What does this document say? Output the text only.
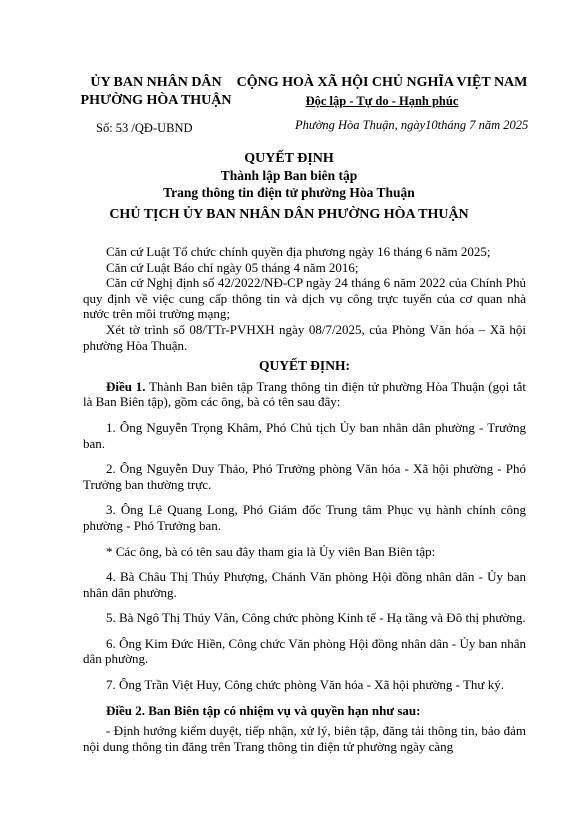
ỦY BAN NHÂN DÂN
PHƯỜNG HÒA THUẬN
CỘNG HOÀ XÃ HỘI CHỦ NGHĨA VIỆT NAM
Độc lập - Tự do - Hạnh phúc
Số: 53 /QĐ-UBND	Phường Hòa Thuận, ngày10tháng 7 năm 2025
QUYẾT ĐỊNH
Thành lập Ban biên tập
Trang thông tin điện tử phường Hòa Thuận
CHỦ TỊCH ỦY BAN NHÂN DÂN PHƯỜNG HÒA THUẬN

Căn cứ Luật Tổ chức chính quyền địa phương ngày 16 tháng 6 năm 2025;

Căn cứ Luật Báo chí ngày 05 tháng 4 năm 2016;

Căn cứ Nghị định số 42/2022/NĐ-CP ngày 24 tháng 6 năm 2022 của Chính Phủ quy định về việc cung cấp thông tin và dịch vụ công trực tuyến của cơ quan nhà nước trên môi trường mạng;

Xét tờ trình số 08/TTr-PVHXH ngày 08/7/2025, của Phòng Văn hóa – Xã hội phường Hòa Thuận.

QUYẾT ĐỊNH:

Điều 1. Thành Ban biên tập Trang thông tin điện tử phường Hòa Thuận (gọi tắt là Ban Biên tập), gồm các ông, bà có tên sau đây:

1. Ông Nguyễn Trọng Khâm, Phó Chủ tịch Ủy ban nhân dân phường - Trưởng ban.

2. Ông Nguyễn Duy Thảo, Phó Trưởng phòng Văn hóa - Xã hội phường - Phó Trưởng ban thường trực.

3. Ông Lê Quang Long, Phó Giám đốc Trung tâm Phục vụ hành chính công phường - Phó Trưởng ban.

* Các ông, bà có tên sau đây tham gia là Ủy viên Ban Biên tập:

4. Bà Châu Thị Thúy Phượng, Chánh Văn phòng Hội đồng nhân dân - Ủy ban nhân dân phường.

5. Bà Ngô Thị Thúy Vân, Công chức phòng Kinh tế - Hạ tầng và Đô thị phường.

6. Ông Kim Đức Hiền, Công chức Văn phòng Hội đồng nhân dân - Ủy ban nhân dân phường.

7. Ông Trần Việt Huy, Công chức phòng Văn hóa - Xã hội phường - Thư ký.

Điều 2. Ban Biên tập có nhiệm vụ và quyền hạn như sau:

- Định hướng kiểm duyệt, tiếp nhận, xử lý, biên tập, đăng tải thông tin, bảo đảm nội dung thông tin đăng trên Trang thông tin điện tử phường ngày càng
